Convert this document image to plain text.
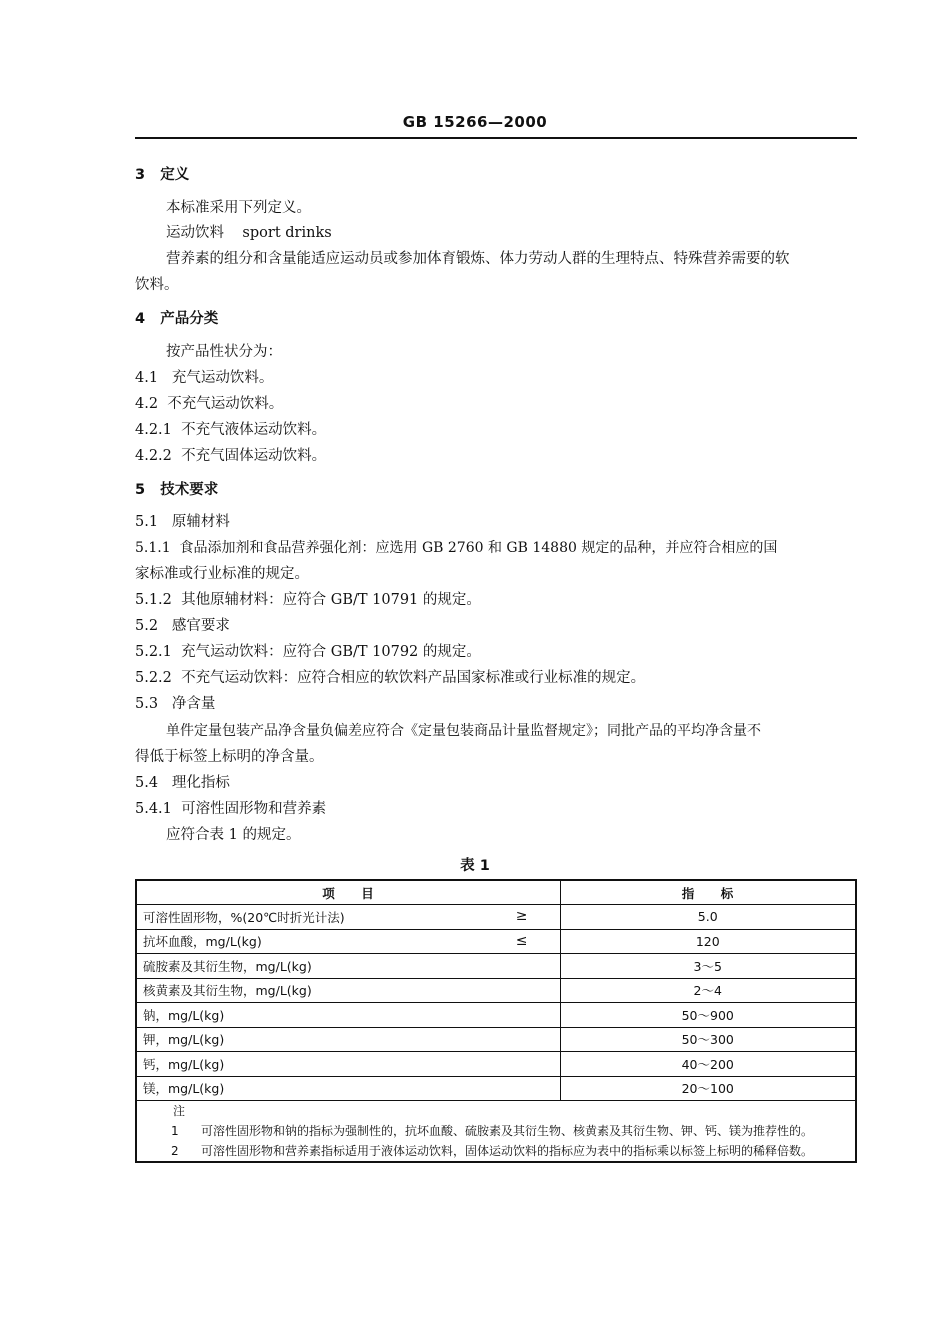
GB 15266—2000
3 定义
本标准采用下列定义。
运动饮料    sport drinks
营养素的组分和含量能适应运动员或参加体育锻炼、体力劳动人群的生理特点、特殊营养需要的软
饮料。
4 产品分类
按产品性状分为：
4.1 充气运动饮料。
4.2 不充气运动饮料。
4.2.1 不充气液体运动饮料。
4.2.2 不充气固体运动饮料。
5 技术要求
5.1 原辅材料
5.1.1 食品添加剂和食品营养强化剂：应选用 GB 2760 和 GB 14880 规定的品种，并应符合相应的国
家标准或行业标准的规定。
5.1.2 其他原辅材料：应符合 GB/T 10791 的规定。
5.2 感官要求
5.2.1 充气运动饮料：应符合 GB/T 10792 的规定。
5.2.2 不充气运动饮料：应符合相应的软饮料产品国家标准或行业标准的规定。
5.3 净含量
单件定量包装产品净含量负偏差应符合《定量包装商品计量监督规定》；同批产品的平均净含量不
得低于标签上标明的净含量。
5.4 理化指标
5.4.1 可溶性固形物和营养素
应符合表 1 的规定。
表 1
项　　目	指　　标
可溶性固形物，%(20℃时折光计法) ≥	5.0
抗坏血酸，mg/L(kg) ≤	120
硫胺素及其衍生物，mg/L(kg)	3～5
核黄素及其衍生物，mg/L(kg)	2～4
钠，mg/L(kg)	50～900
钾，mg/L(kg)	50～300
钙，mg/L(kg)	40～200
镁，mg/L(kg)	20～100

注
1 可溶性固形物和钠的指标为强制性的，抗坏血酸、硫胺素及其衍生物、核黄素及其衍生物、钾、钙、镁为推荐性的。
2 可溶性固形物和营养素指标适用于液体运动饮料，固体运动饮料的指标应为表中的指标乘以标签上标明的稀释倍数。	
